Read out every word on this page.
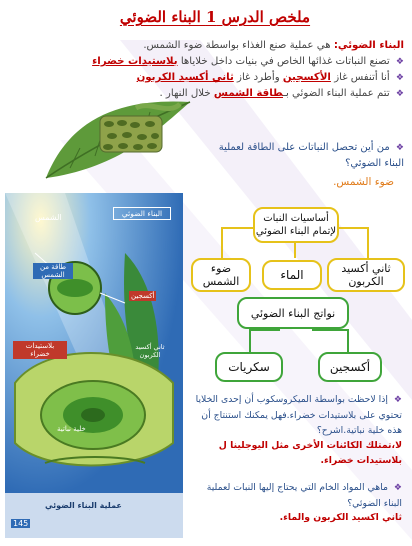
ملخص الدرس 1 البناء الضوئي
البناء الضوئي: هي عملية صنع الغذاء بواسطة ضوء الشمس.
❖ تصنع النباتات غذائها الخاص في بنيات داخل خلاياها بلاستيدات خضراء
❖ أنا أتنفس غاز الأكسجين وأطرد غاز ثاني أكسيد الكربون
❖ تتم عملية البناء الضوئي بـطاقة الشمس خلال النهار .
❖ من أين تحصل النباتات على الطاقة لعملية البناء الضوئي؟
ضوء الشمس.
الشمس	البناء الضوئي
طاقة من الشمس
أكسجين
بلاستيدات خضراء
خلية نباتية
ثاني أكسيد الكربون
عملية البناء الضوئي
145
أساسيات النبات لإتمام البناء الضوئي
ضوء الشمس	الماء	ثاني أكسيد الكربون
نواتج البناء الضوئي
سكريات	أكسجين
❖ إذا لاحظت بواسطة الميكروسكوب أن إحدى الخلايا تحتوي على بلاستيدات خضراء.فهل يمكنك استنتاج أن هذه خلية نباتية.اشرح؟
لا،تمتلك الكائنات الأخرى مثل اليوجلينا ل بلاستيدات خضراء.
❖ ماهي المواد الخام التي يحتاج إليها النبات لعملية البناء الضوئي؟
ثاني اكسيد الكربون والماء.
